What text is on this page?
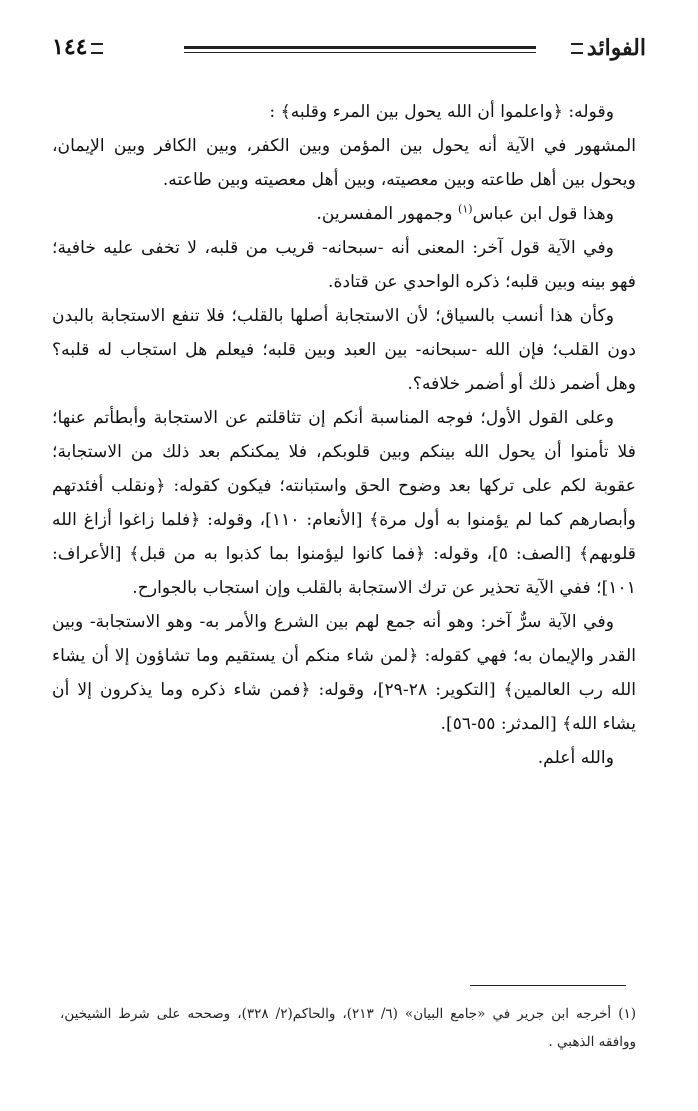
الفوائد
١٤٤

وقوله: ﴿واعلموا أن الله يحول بين المرء وقلبه﴾ :

المشهور في الآية أنه يحول بين المؤمن وبين الكفر، وبين الكافر وبين الإيمان، ويحول بين أهل طاعته وبين معصيته، وبين أهل معصيته وبين طاعته.

وهذا قول ابن عباس$^{(١)}$ وجمهور المفسرين.

وفي الآية قول آخر: المعنى أنه -سبحانه- قريب من قلبه، لا تخفى عليه خافية؛ فهو بينه وبين قلبه؛ ذكره الواحدي عن قتادة.

وكأن هذا أنسب بالسياق؛ لأن الاستجابة أصلها بالقلب؛ فلا تنفع الاستجابة بالبدن دون القلب؛ فإن الله -سبحانه- بين العبد وبين قلبه؛ فيعلم هل استجاب له قلبه؟ وهل أضمر ذلك أو أضمر خلافه؟.

وعلى القول الأول؛ فوجه المناسبة أنكم إن تثاقلتم عن الاستجابة وأبطأتم عنها؛ فلا تأمنوا أن يحول الله بينكم وبين قلوبكم، فلا يمكنكم بعد ذلك من الاستجابة؛ عقوبة لكم على تركها بعد وضوح الحق واستبانته؛ فيكون كقوله: ﴿ونقلب أفئدتهم وأبصارهم كما لم يؤمنوا به أول مرة﴾ [الأنعام: ١١٠]، وقوله: ﴿فلما زاغوا أزاغ الله قلوبهم﴾ [الصف: ٥]، وقوله: ﴿فما كانوا ليؤمنوا بما كذبوا به من قبل﴾ [الأعراف: ١٠١]؛ ففي الآية تحذير عن ترك الاستجابة بالقلب وإن استجاب بالجوارح.

وفي الآية سرٌّ آخر: وهو أنه جمع لهم بين الشرع والأمر به- وهو الاستجابة- وبين القدر والإيمان به؛ فهي كقوله: ﴿لمن شاء منكم أن يستقيم وما تشاؤون إلا أن يشاء الله رب العالمين﴾ [التكوير: ٢٨-٢٩]، وقوله: ﴿فمن شاء ذكره وما يذكرون إلا أن يشاء الله﴾ [المدثر: ٥٥-٥٦].

والله أعلم.

(١) أخرجه ابن جرير في «جامع البيان» (٦/ ٢١٣)، والحاكم(٢/ ٣٢٨)، وصححه على شرط الشيخين، ووافقه الذهبي .
